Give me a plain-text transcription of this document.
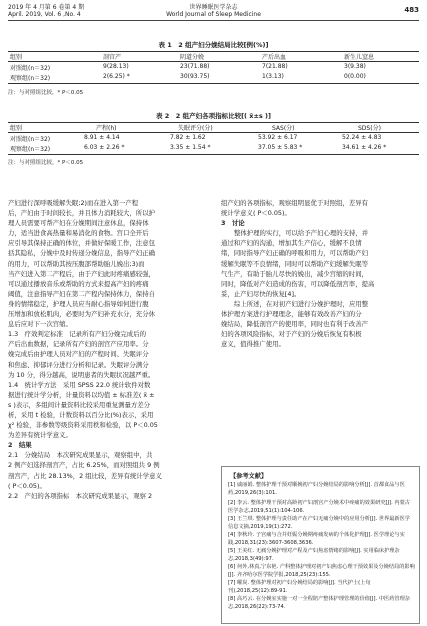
2019 年 4 月第 6 卷第 4 期
April. 2019, Vol. 6 ,No. 4
世界睡眠医学杂志
World Journal of Sleep Medicine
483
表 1　2 组产妇分娩结局比较[例(%)]
组别	剖宫产	阴道分娩	产后出血	新生儿窒息
对照组(n＝32)	9(28.13)	23(71.88)	7(21.88)	3(9.38)
观察组(n＝32)	2(6.25) *	30(93.75)	1(3.13)	0(0.00)
注：与对照组比较，* P＜0.05
表 2　2 组产妇各项指标比较[( x̄±s )]
组别	产程(h)	失眠评分(分)	SAS(分)	SDS(分)
对照组(n＝32)	8.91 ± 4.14	7.82 ± 1.62	53.92 ± 6.17	52.24 ± 4.83
观察组(n＝32)	6.03 ± 2.26 *	3.35 ± 1.54 *	37.05 ± 5.83 *	34.61 ± 4.26 *
注：与对照组比较，* P＜0.05
产妇进行深呼吸缓解失眠;2)而在进入第一产程
后，产妇由于时间较长，并且体力消耗较大，所以护
理人员需要可帮产妇在分娩期间注意休息，保持体
力，适当进食高热量和易消化的食物。宫口全开后
应引导其保持正确的体位，并做好保暖工作，注意包
括其隐私，分娩中及时传递分娩信息，指导产妇正确
的用力，可以帮助其按压腹部帮助胎儿娩出;3)而
当产妇进入第二产程后，由于产妇此时疼痛感较强，
可以通过播放音乐或帮助的方式来提高产妇的疼痛
阈值，注意指导产妇在第二产程内保持体力，保持自
身的情绪稳定，护理人员应当耐心指导如何进行腹
压增加和放松肌肉，必要时为产妇补充水分，充分休
息后应对下一次宫缩。
1.3　疗效判定标准　记录所有产妇分娩完成后的
产后出血数据，记录所有产妇的剖宫产应用率。分
娩完成后由护理人员对产妇的产程时间、失眠评分
和焦虑、抑郁评分进行分析和记录。失眠评分满分
为 10 分，得分越高，说明患者的失眠状况越严重。
1.4　统计学方法　采用 SPSS 22.0 统计软件对数
据进行统计学分析，计量资料以均值 ± 标准差( x̄ ±
s )表示，多组间计量资料比较采用重复测量方差分
析，采用 t 检验，计数资料以百分比(%)表示，采用
χ² 检验，非参数等级资料采用秩和检验，以 P＜0.05
为差异有统计学意义。
2　结果
2.1　分娩结局　本次研究成果显示，观察组中，共
2 例产妇选择剖宫产，占比 6.25%，而对照组共 9 例
剖宫产，占比 28.13%，2 组比较，差异有统计学意义
( P＜0.05)。
2.2　产妇的各项指标　本次研究成果显示，观察 2
组产妇的各项指标，观察组明显优于对照组，差异有
统计学意义( P＜0.05)。
3　讨论
整体护理的实行，可以给予产妇心理的支持，并
通过和产妇的沟通，增加其生产信心，缓解不良情
绪，同时指导产妇正确的呼吸和用力，可以帮助产妇
缓解失眠等不良情绪，同时可以帮助产妇缓解失眠等
气生产，有助于胎儿尽快的娩出，减少宫缩的时间，
同时，降低对产妇造成的伤害，可以降低剖宫率，提高
妥，止产妇尽快的恢复[4]。
综上所述，在对初产妇进行分娩护理时，应用整
体护理方案进行护理理念，能够有效改善产妇的分
娩结局，降低剖宫产的使用率，同时也有利于改善产
妇的各项风险指标，对于产妇的分娩后恢复有积极
意义，值得推广使用。
【参考文献】
[1] 戚丽娟. 整体护理干预对顺娩初产妇分娩结局的影响分析[J]. 首都食品与医药,2019,26(3):101.
[2] 李云. 整体护理干预对高龄初产妇剖宫产分娩术中疼痛的效果研究[J]. 内蒙古医学杂志,2019,51(1):104-106.
[3] 王兰琪. 整体护理与责任助产在产妇无痛分娩中的应用分析[J]. 世界最新医学信息文摘,2019,19(1):272.
[4] 李秋玲. 子宫痛与合并妊娠分娩期疼痛发病的个体化护理[J]. 医学理论与实践,2018,31(23):3607-3608,3636.
[5] 王美红. 无痛分娩护理对产程及产妇焦虑情绪的影响[J]. 实用临床护理杂志,2018,3(49):97.
[6] 何外,林真,宁东艳. 产科整体护理对初产妇焦虑心理干预效果及分娩结局的影响[J]. 齐齐哈尔医学院学报,2018,25(23):155.
[7] 曜炭. 整体护理对初产妇分娩结局的影响[J]. 当代护士(上旬刊),2018,25(12):89-91.
[8] 高巧云. 在分娩室实施一对一全程陪产整体护理管理的价值[J]. 中医药管理杂志,2018,26(22):73-74.
